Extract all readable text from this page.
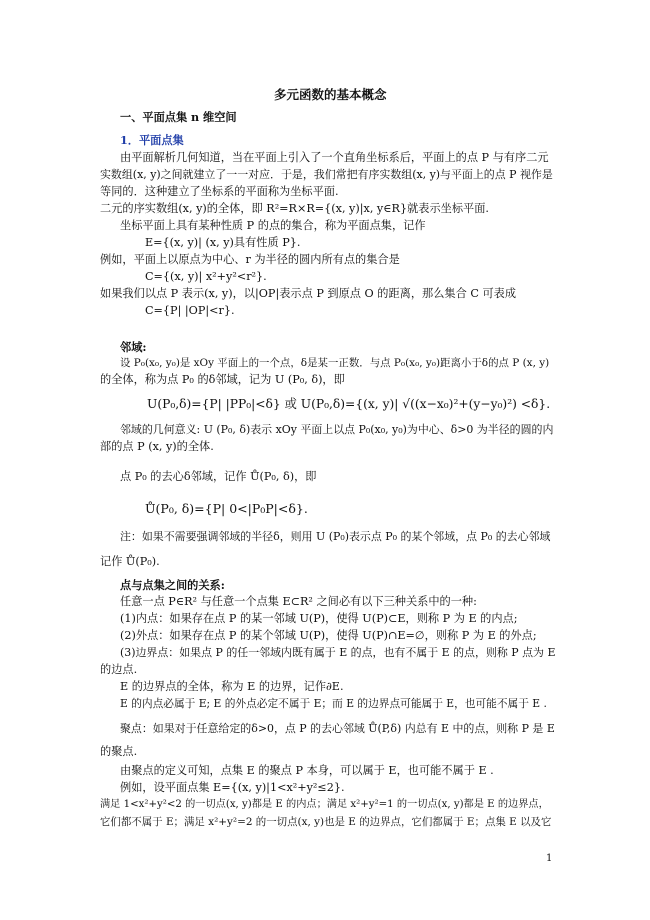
多元函数的基本概念
一、平面点集 n 维空间
1．平面点集
由平面解析几何知道，当在平面上引入了一个直角坐标系后，平面上的点 P 与有序二元
实数组(x, y)之间就建立了一一对应．于是，我们常把有序实数组(x, y)与平面上的点 P 视作是
等同的．这种建立了坐标系的平面称为坐标平面.
二元的序实数组(x, y)的全体，即 R²=R×R={(x, y)|x, y∈R}就表示坐标平面.
坐标平面上具有某种性质 P 的点的集合，称为平面点集，记作
E={(x, y)| (x, y)具有性质 P}.
例如，平面上以原点为中心、r 为半径的圆内所有点的集合是
C={(x, y)| x²+y²<r²}.
如果我们以点 P 表示(x, y)，以|OP|表示点 P 到原点 O 的距离，那么集合 C 可表成
C={P| |OP|<r}.
邻域:
设 P₀(x₀, y₀)是 xOy 平面上的一个点，δ是某一正数．与点 P₀(x₀, y₀)距离小于δ的点 P (x, y)
的全体，称为点 P₀ 的δ邻域，记为 U (P₀, δ)，即
U(P₀,δ)={P| |PP₀|<δ} 或 U(P₀,δ)={(x, y)| √((x−x₀)²+(y−y₀)²) <δ}.
邻域的几何意义: U (P₀, δ)表示 xOy 平面上以点 P₀(x₀, y₀)为中心、δ>0 为半径的圆的内
部的点 P (x, y)的全体.
点 P₀ 的去心δ邻域，记作 Ů(P₀, δ)，即
Ů(P₀, δ)={P| 0<|P₀P|<δ}.
注：如果不需要强调邻域的半径δ，则用 U (P₀)表示点 P₀ 的某个邻域，点 P₀ 的去心邻域
记作 Ů(P₀).
点与点集之间的关系:
任意一点 P∈R² 与任意一个点集 E⊂R² 之间必有以下三种关系中的一种:
(1)内点：如果存在点 P 的某一邻域 U(P)，使得 U(P)⊂E，则称 P 为 E 的内点;
(2)外点：如果存在点 P 的某个邻域 U(P)，使得 U(P)∩E=∅，则称 P 为 E 的外点;
(3)边界点：如果点 P 的任一邻域内既有属于 E 的点，也有不属于 E 的点，则称 P 点为 E
的边点.
E 的边界点的全体，称为 E 的边界，记作∂E.
E 的内点必属于 E; E 的外点必定不属于 E；而 E 的边界点可能属于 E，也可能不属于 E .
聚点：如果对于任意给定的δ>0，点 P 的去心邻域 Ů(P,δ) 内总有 E 中的点，则称 P 是 E
的聚点.
由聚点的定义可知，点集 E 的聚点 P 本身，可以属于 E，也可能不属于 E .
例如，设平面点集 E={(x, y)|1<x²+y²≤2}.
满足 1<x²+y²<2 的一切点(x, y)都是 E 的内点；满足 x²+y²=1 的一切点(x, y)都是 E 的边界点，
它们都不属于 E；满足 x²+y²=2 的一切点(x, y)也是 E 的边界点，它们都属于 E；点集 E 以及它
1
